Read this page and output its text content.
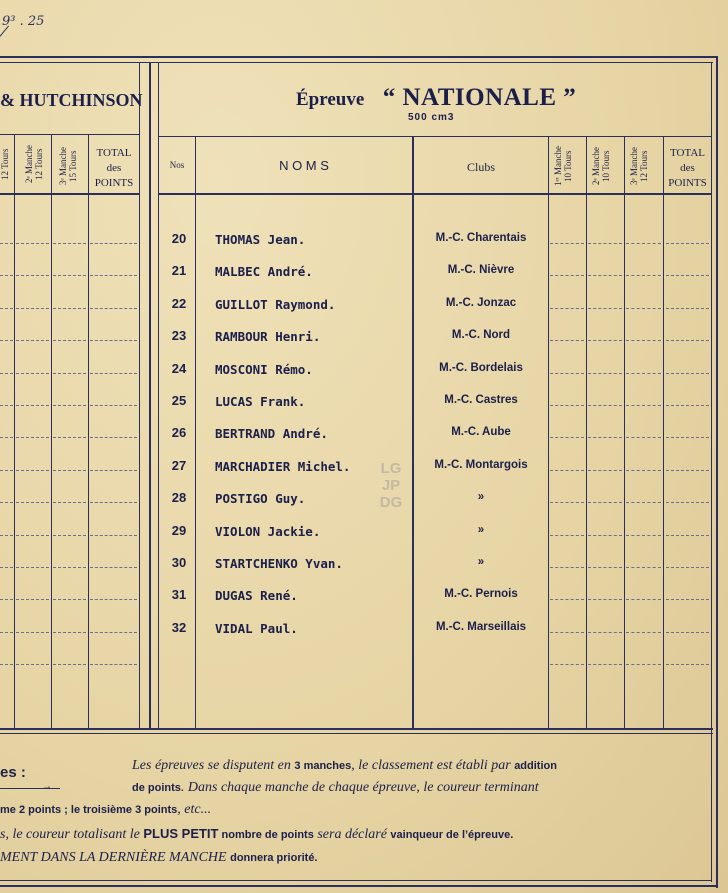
9³ . 25
& HUTCHINSON
12 Tours	2ᵉ Manche
12 Tours
3ᵉ Manche
15 Tours	TOTAL
des
POINTS
Épreuve “ NATIONALE ”
500 cm3
Nos	N O M S	Clubs
1ᵉʳ Manche
10 Tours
2ᵉ Manche
10 Tours
3ᵉ Manche
12 Tours	TOTAL
des
POINTS
20	THOMAS Jean.	M.-C. Charentais
21	MALBEC André.	M.-C. Nièvre
22	GUILLOT Raymond.	M.-C. Jonzac
23	RAMBOUR Henri.	M.-C. Nord
24	MOSCONI Rémo.	M.-C. Bordelais
25	LUCAS Frank.	M.-C. Castres
26	BERTRAND André.	M.-C. Aube
27	MARCHADIER Michel.	M.-C. Montargois
28	POSTIGO Guy.	»
29	VIOLON Jackie.	»
30	STARTCHENKO Yvan.	»
31	DUGAS René.	M.-C. Pernois
32	VIDAL Paul.	M.-C. Marseillais
LG
JP
DG
es :
→
Les épreuves se disputent en 3 manches, le classement est établi par addition
de points. Dans chaque manche de chaque épreuve, le coureur terminant
me 2 points ; le troisième 3 points, etc...
s, le coureur totalisant le PLUS PETIT nombre de points sera déclaré vainqueur de l’épreuve.
MENT DANS LA DERNIÈRE MANCHE donnera priorité.
